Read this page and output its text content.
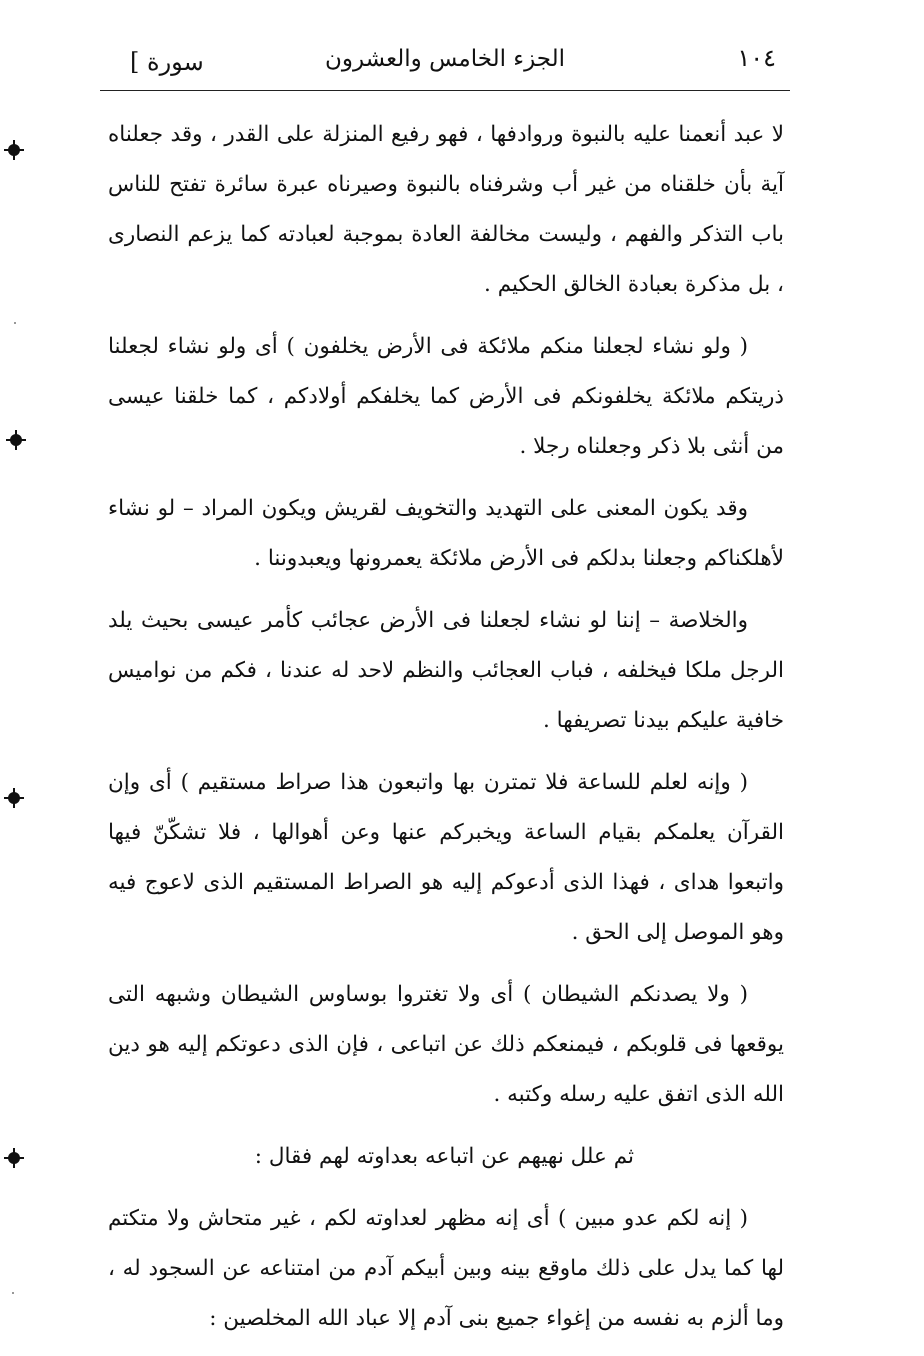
١٠٤
الجزء الخامس والعشرون
[ سورة

لا عبد أنعمنا عليه بالنبوة وروادفها ، فهو رفيع المنزلة على القدر ، وقد جعلناه آية بأن خلقناه من غير أب وشرفناه بالنبوة وصيرناه عبرة سائرة تفتح للناس باب التذكر والفهم ، وليست مخالفة العادة بموجبة لعبادته كما يزعم النصارى ، بل مذكرة بعبادة الخالق الحكيم .

( ولو نشاء لجعلنا منكم ملائكة فى الأرض يخلفون ) أى ولو نشاء لجعلنا ذريتكم ملائكة يخلفونكم فى الأرض كما يخلفكم أولادكم ، كما خلقنا عيسى من أنثى بلا ذكر وجعلناه رجلا .

وقد يكون المعنى على التهديد والتخويف لقريش ويكون المراد – لو نشاء لأهلكناكم وجعلنا بدلكم فى الأرض ملائكة يعمرونها ويعبدوننا .

والخلاصة – إننا لو نشاء لجعلنا فى الأرض عجائب كأمر عيسى بحيث يلد الرجل ملكا فيخلفه ، فباب العجائب والنظم لاحد له عندنا ، فكم من نواميس خافية عليكم بيدنا تصريفها .

( وإنه لعلم للساعة فلا تمترن بها واتبعون هذا صراط مستقيم ) أى وإن القرآن يعلمكم بقيام الساعة ويخبركم عنها وعن أهوالها ، فلا تشكّنّ فيها واتبعوا هداى ، فهذا الذى أدعوكم إليه هو الصراط المستقيم الذى لاعوج فيه وهو الموصل إلى الحق .

( ولا يصدنكم الشيطان ) أى ولا تغتروا بوساوس الشيطان وشبهه التى يوقعها فى قلوبكم ، فيمنعكم ذلك عن اتباعى ، فإن الذى دعوتكم إليه هو دين الله الذى اتفق عليه رسله وكتبه .

ثم علل نهيهم عن اتباعه بعداوته لهم فقال :

( إنه لكم عدو مبين ) أى إنه مظهر لعداوته لكم ، غير متحاش ولا متكتم لها كما يدل على ذلك ماوقع بينه وبين أبيكم آدم من امتناعه عن السجود له ، وما ألزم به نفسه من إغواء جميع بنى آدم إلا عباد الله المخلصين :
